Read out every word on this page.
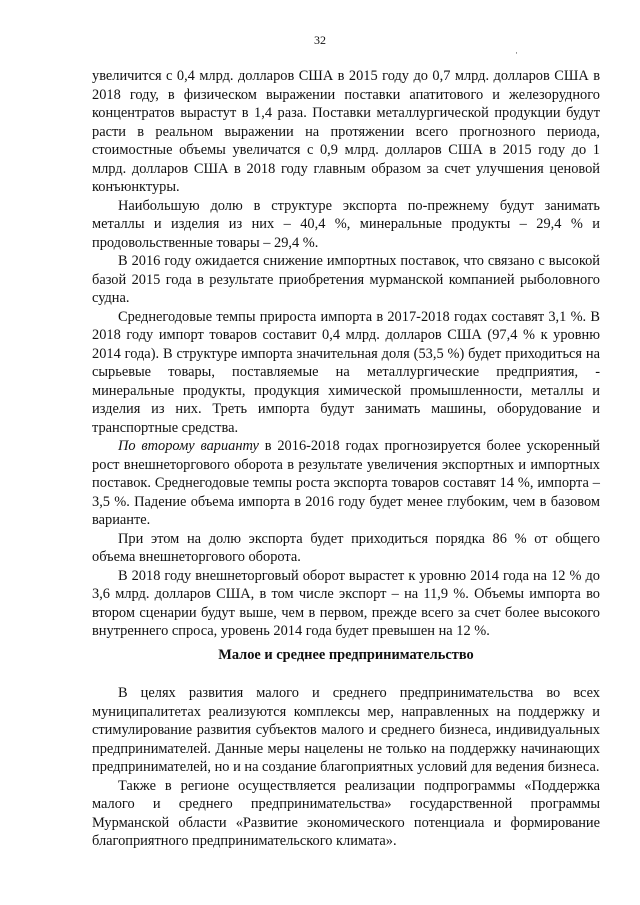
32
·

увеличится с 0,4 млрд. долларов США в 2015 году до 0,7 млрд. долларов США в 2018 году, в физическом выражении поставки апатитового и железорудного концентратов вырастут в 1,4 раза. Поставки металлургической продукции будут расти в реальном выражении на протяжении всего прогнозного периода, стоимостные объемы увеличатся с 0,9 млрд. долларов США в 2015 году до 1 млрд. долларов США в 2018 году главным образом за счет улучшения ценовой конъюнктуры.

Наибольшую долю в структуре экспорта по-прежнему будут занимать металлы и изделия из них – 40,4 %, минеральные продукты – 29,4 % и продовольственные товары – 29,4 %.

В 2016 году ожидается снижение импортных поставок, что связано с высокой базой 2015 года в результате приобретения мурманской компанией рыболовного судна.

Среднегодовые темпы прироста импорта в 2017-2018 годах составят 3,1 %. В 2018 году импорт товаров составит 0,4 млрд. долларов США (97,4 % к уровню 2014 года). В структуре импорта значительная доля (53,5 %) будет приходиться на сырьевые товары, поставляемые на металлургические предприятия, - минеральные продукты, продукция химической промышленности, металлы и изделия из них. Треть импорта будут занимать машины, оборудование и транспортные средства.

По второму варианту в 2016-2018 годах прогнозируется более ускоренный рост внешнеторгового оборота в результате увеличения экспортных и импортных поставок. Среднегодовые темпы роста экспорта товаров составят 14 %, импорта – 3,5 %. Падение объема импорта в 2016 году будет менее глубоким, чем в базовом варианте.

При этом на долю экспорта будет приходиться порядка 86 % от общего объема внешнеторгового оборота.

В 2018 году внешнеторговый оборот вырастет к уровню 2014 года на 12 % до 3,6 млрд. долларов США, в том числе экспорт – на 11,9 %. Объемы импорта во втором сценарии будут выше, чем в первом, прежде всего за счет более высокого внутреннего спроса, уровень 2014 года будет превышен на 12 %.

Малое и среднее предпринимательство

В целях развития малого и среднего предпринимательства во всех муниципалитетах реализуются комплексы мер, направленных на поддержку и стимулирование развития субъектов малого и среднего бизнеса, индивидуальных предпринимателей. Данные меры нацелены не только на поддержку начинающих предпринимателей, но и на создание благоприятных условий для ведения бизнеса.

Также в регионе осуществляется реализации подпрограммы «Поддержка малого и среднего предпринимательства» государственной программы Мурманской области «Развитие экономического потенциала и формирование благоприятного предпринимательского климата».
